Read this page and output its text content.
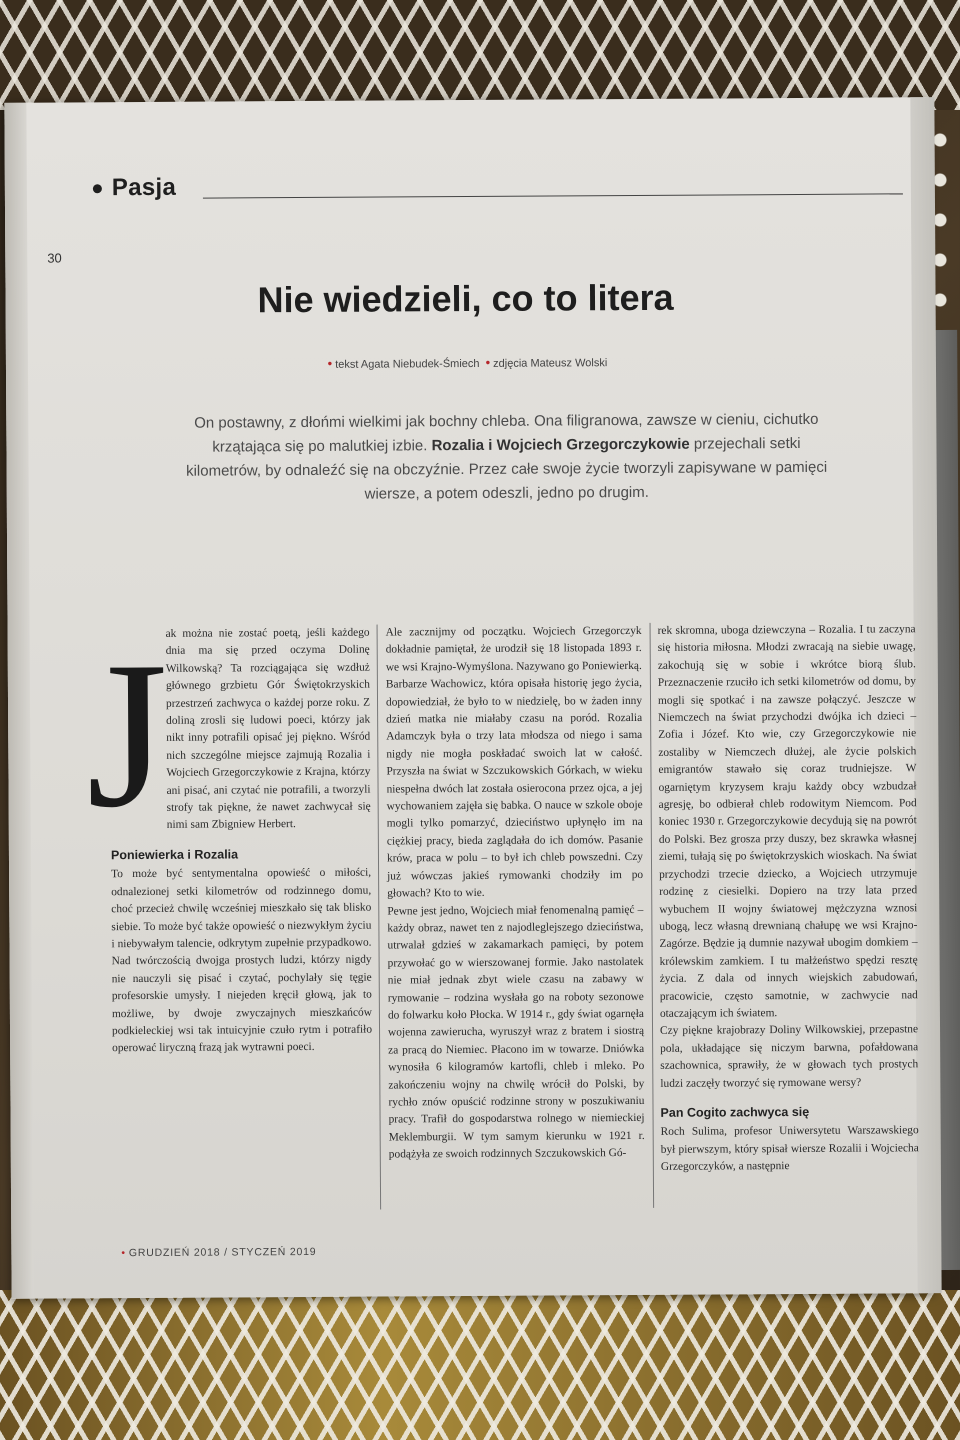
Pasja
30
Nie wiedzieli, co to litera
• tekst Agata Niebudek-Śmiech • zdjęcia Mateusz Wolski
On postawny, z dłońmi wielkimi jak bochny chleba. Ona filigranowa, zawsze w cieniu, cichutko krzątająca się po malutkiej izbie. Rozalia i Wojciech Grzegorczykowie przejechali setki kilometrów, by odnaleźć się na obczyźnie. Przez całe swoje życie tworzyli zapisywane w pamięci wiersze, a potem odeszli, jedno po drugim.
J

ak można nie zostać poetą, jeśli każdego dnia ma się przed oczyma Dolinę Wilkowską? Ta rozciągająca się wzdłuż głównego grzbietu Gór Świętokrzyskich przestrzeń zachwyca o każdej porze roku. Z doliną zrosli się ludowi poeci, którzy jak nikt inny potrafili opisać jej piękno. Wśród nich szczególne miejsce zajmują Rozalia i Wojciech Grzegorczykowie z Krajna, którzy ani pisać, ani czytać nie potrafili, a tworzyli strofy tak piękne, że nawet zachwycał się nimi sam Zbigniew Herbert.

Poniewierka i Rozalia

To może być sentymentalna opowieść o miłości, odnalezionej setki kilometrów od rodzinnego domu, choć przecież chwilę wcześniej mieszkało się tak blisko siebie. To może być także opowieść o niezwykłym życiu i niebywałym talencie, odkrytym zupełnie przypadkowo. Nad twórczością dwojga prostych ludzi, którzy nigdy nie nauczyli się pisać i czytać, pochylały się tęgie profesorskie umysły. I niejeden kręcił głową, jak to możliwe, by dwoje zwyczajnych mieszkańców podkieleckiej wsi tak intuicyjnie czuło rytm i potrafiło operować liryczną frazą jak wytrawni poeci.

Ale zacznijmy od początku. Wojciech Grzegorczyk dokładnie pamiętał, że urodził się 18 listopada 1893 r. we wsi Krajno-Wymyślona. Nazywano go Poniewierką. Barbarze Wachowicz, która opisała historię jego życia, dopowiedział, że było to w niedzielę, bo w żaden inny dzień matka nie miałaby czasu na poród. Rozalia Adamczyk była o trzy lata młodsza od niego i sama nigdy nie mogła poskładać swoich lat w całość. Przyszła na świat w Szczukowskich Górkach, w wieku niespełna dwóch lat została osierocona przez ojca, a jej wychowaniem zajęła się babka. O nauce w szkole oboje mogli tylko pomarzyć, dzieciństwo upłynęło im na ciężkiej pracy, bieda zaglądała do ich domów. Pasanie krów, praca w polu – to był ich chleb powszedni. Czy już wówczas jakieś rymowanki chodziły im po głowach? Kto to wie.

Pewne jest jedno, Wojciech miał fenomenalną pamięć – każdy obraz, nawet ten z najodleglejszego dzieciństwa, utrwalał gdzieś w zakamarkach pamięci, by potem przywołać go w wierszowanej formie. Jako nastolatek nie miał jednak zbyt wiele czasu na zabawy w rymowanie – rodzina wysłała go na roboty sezonowe do folwarku koło Płocka. W 1914 r., gdy świat ogarnęła wojenna zawierucha, wyruszył wraz z bratem i siostrą za pracą do Niemiec. Płacono im w towarze. Dniówka wynosiła 6 kilogramów kartofli, chleb i mleko. Po zakończeniu wojny na chwilę wrócił do Polski, by rychło znów opuścić rodzinne strony w poszukiwaniu pracy. Trafił do gospodarstwa rolnego w niemieckiej Meklemburgii. W tym samym kierunku w 1921 r. podążyła ze swoich rodzinnych Szczukowskich Gó-

rek skromna, uboga dziewczyna – Rozalia. I tu zaczyna się historia miłosna. Młodzi zwracają na siebie uwagę, zakochują się w sobie i wkrótce biorą ślub. Przeznaczenie rzuciło ich setki kilometrów od domu, by mogli się spotkać i na zawsze połączyć. Jeszcze w Niemczech na świat przychodzi dwójka ich dzieci – Zofia i Józef. Kto wie, czy Grzegorczykowie nie zostaliby w Niemczech dłużej, ale życie polskich emigrantów stawało się coraz trudniejsze. W ogarniętym kryzysem kraju każdy obcy wzbudzał agresję, bo odbierał chleb rodowitym Niemcom. Pod koniec 1930 r. Grzegorczykowie decydują się na powrót do Polski. Bez grosza przy duszy, bez skrawka własnej ziemi, tułają się po świętokrzyskich wioskach. Na świat przychodzi trzecie dziecko, a Wojciech utrzymuje rodzinę z ciesielki. Dopiero na trzy lata przed wybuchem II wojny światowej mężczyzna wznosi ubogą, lecz własną drewnianą chałupę we wsi Krajno-Zagórze. Będzie ją dumnie nazywał ubogim domkiem – królewskim zamkiem. I tu małżeństwo spędzi resztę życia. Z dala od innych wiejskich zabudowań, pracowicie, często samotnie, w zachwycie nad otaczającym ich światem.

Czy piękne krajobrazy Doliny Wilkowskiej, przepastne pola, układające się niczym barwna, pofałdowana szachownica, sprawiły, że w głowach tych prostych ludzi zaczęły tworzyć się rymowane wersy?

Pan Cogito zachwyca się

Roch Sulima, profesor Uniwersytetu Warszawskiego był pierwszym, który spisał wiersze Rozalii i Wojciecha Grzegorczyków, a następnie

• GRUDZIEŃ 2018 / STYCZEŃ 2019
